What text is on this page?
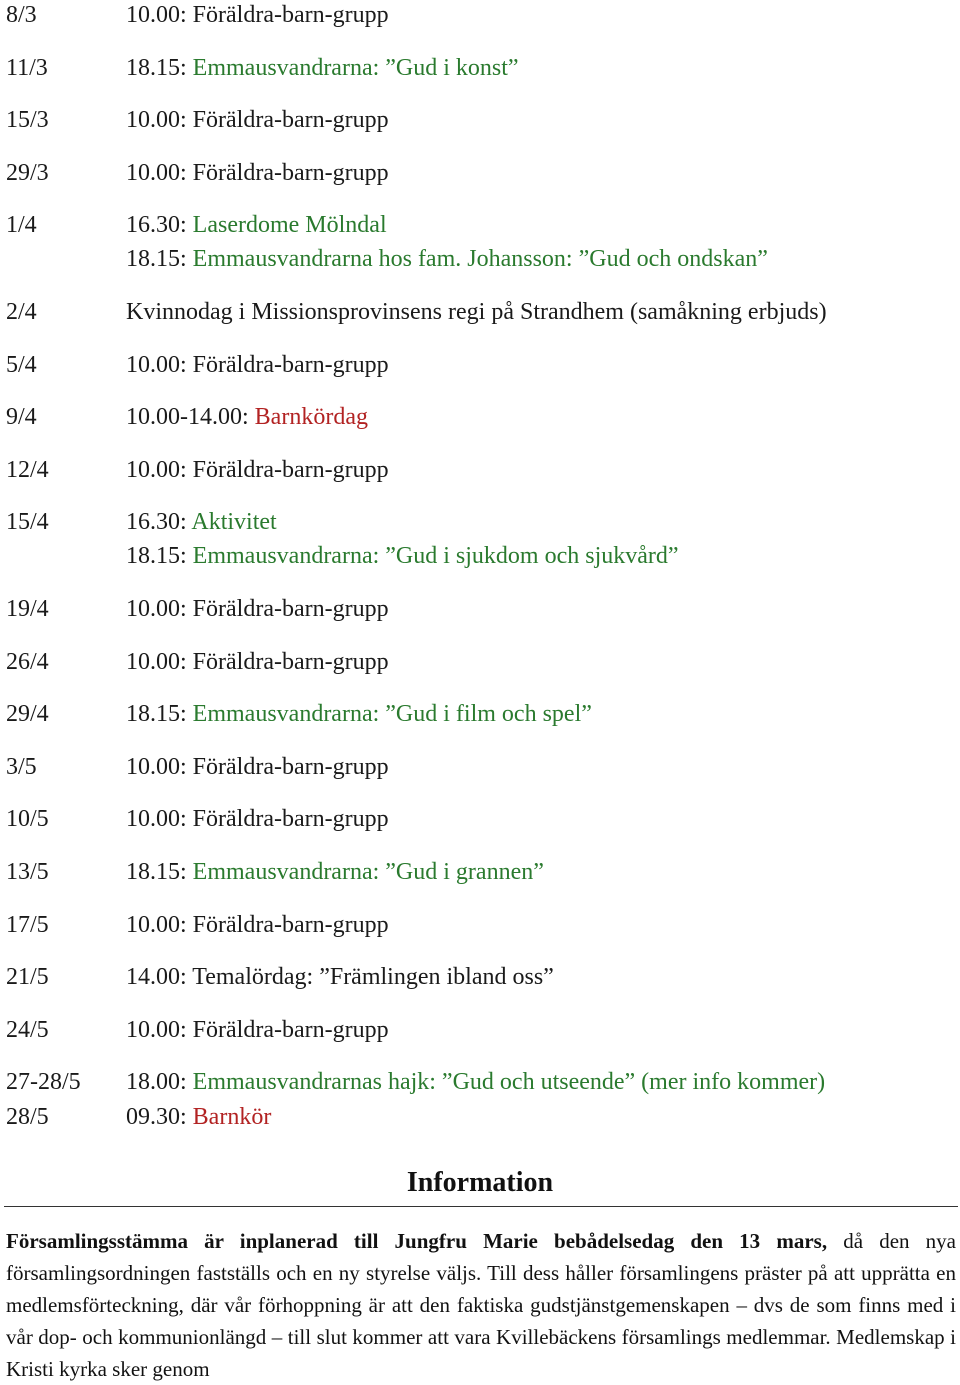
8/3	10.00: Föräldra-barn-grupp
11/3	18.15: Emmausvandrarna: ”Gud i konst”
15/3	10.00: Föräldra-barn-grupp
29/3	10.00: Föräldra-barn-grupp
1/4	16.30: Laserdome Mölndal
18.15: Emmausvandrarna hos fam. Johansson: ”Gud och ondskan”
2/4	Kvinnodag i Missionsprovinsens regi på Strandhem (samåkning erbjuds)
5/4	10.00: Föräldra-barn-grupp
9/4	10.00-14.00: Barnkördag
12/4	10.00: Föräldra-barn-grupp
15/4	16.30: Aktivitet
18.15: Emmausvandrarna: ”Gud i sjukdom och sjukvård”
19/4	10.00: Föräldra-barn-grupp
26/4	10.00: Föräldra-barn-grupp
29/4	18.15: Emmausvandrarna: ”Gud i film och spel”
3/5	10.00: Föräldra-barn-grupp
10/5	10.00: Föräldra-barn-grupp
13/5	18.15: Emmausvandrarna: ”Gud i grannen”
17/5	10.00: Föräldra-barn-grupp
21/5	14.00: Temalördag: ”Främlingen ibland oss”
24/5	10.00: Föräldra-barn-grupp
27-28/5 18.00: Emmausvandrarnas hajk: ”Gud och utseende” (mer info kommer)
28/5	09.30: Barnkör
Information
Församlingsstämma är inplanerad till Jungfru Marie bebådelsedag den 13 mars, då den nya församlingsordningen fastställs och en ny styrelse väljs. Till dess håller församlingens präster på att upprätta en medlemsförteckning, där vår förhoppning är att den faktiska gudstjänstgemenskapen – dvs de som finns med i vår dop- och kommunionlängd – till slut kommer att vara Kvillebäckens församlings medlemmar. Medlemskap i Kristi kyrka sker genom
